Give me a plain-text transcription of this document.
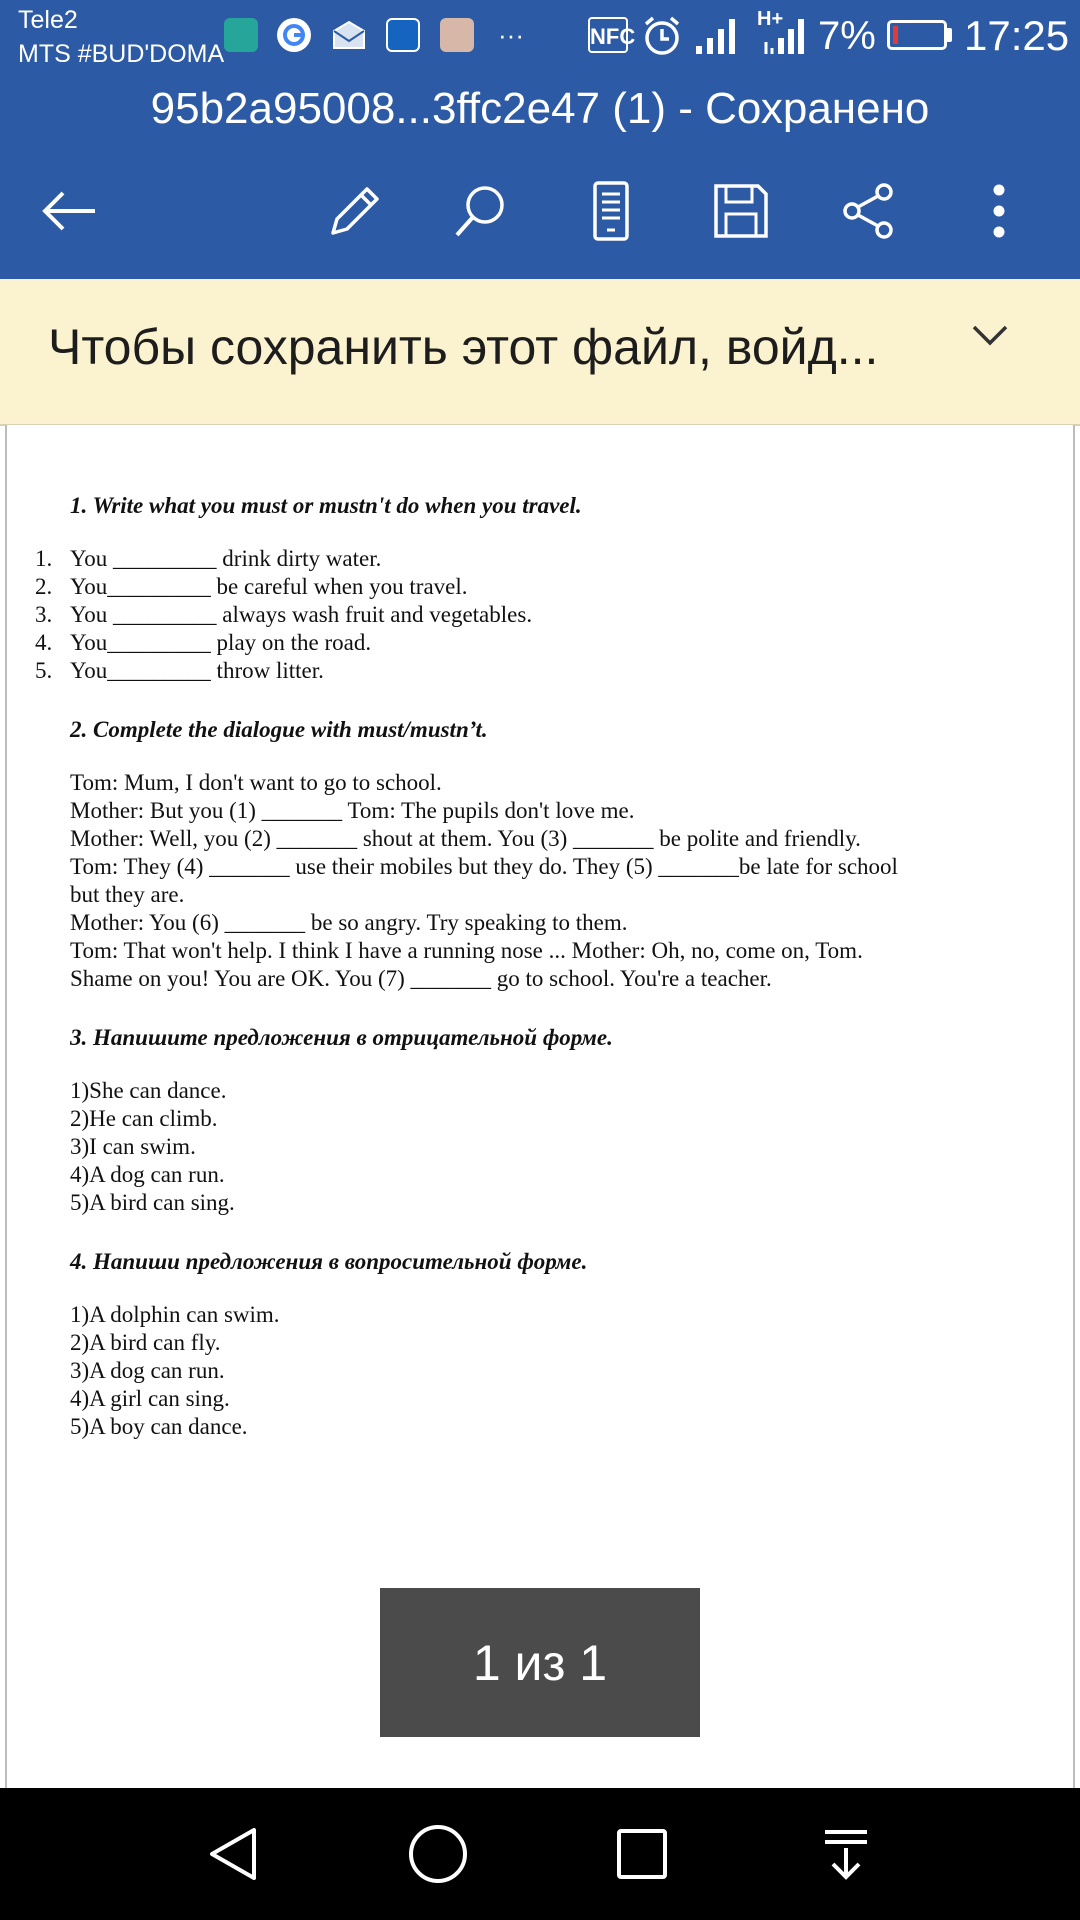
Tele2
MTS #BUD'DOMA
···	NFC
H+ 7% 17:25
95b2a95008...3ffc2e47 (1) - Сохранено
Чтобы сохранить этот файл, войд...
1. Write what you must or mustn't do when you travel.
1. You _________ drink dirty water.
2. You_________ be careful when you travel.
3. You _________ always wash fruit and vegetables.
4. You_________ play on the road.
5. You_________ throw litter.
2. Complete the dialogue with must/mustn’t.
Tom: Mum, I don't want to go to school.
Mother: But you (1) _______ Tom: The pupils don't love me.
Mother: Well, you (2) _______ shout at them. You (3) _______ be polite and friendly.
Tom: They (4) _______ use their mobiles but they do. They (5) _______be late for school
but they are.
Mother: You (6) _______ be so angry. Try speaking to them.
Tom: That won't help. I think I have a running nose ... Mother: Oh, no, come on, Tom.
Shame on you! You are OK. You (7) _______ go to school. You're a teacher.
3. Напишите предложения в отрицательной форме.
1)She can dance.
2)He can climb.
3)I can swim.
4)A dog can run.
5)A bird can sing.
4. Напиши предложения в вопросительной форме.
1)A dolphin can swim.
2)A bird can fly.
3)A dog can run.
4)A girl can sing.
5)A boy can dance.
1 из 1
